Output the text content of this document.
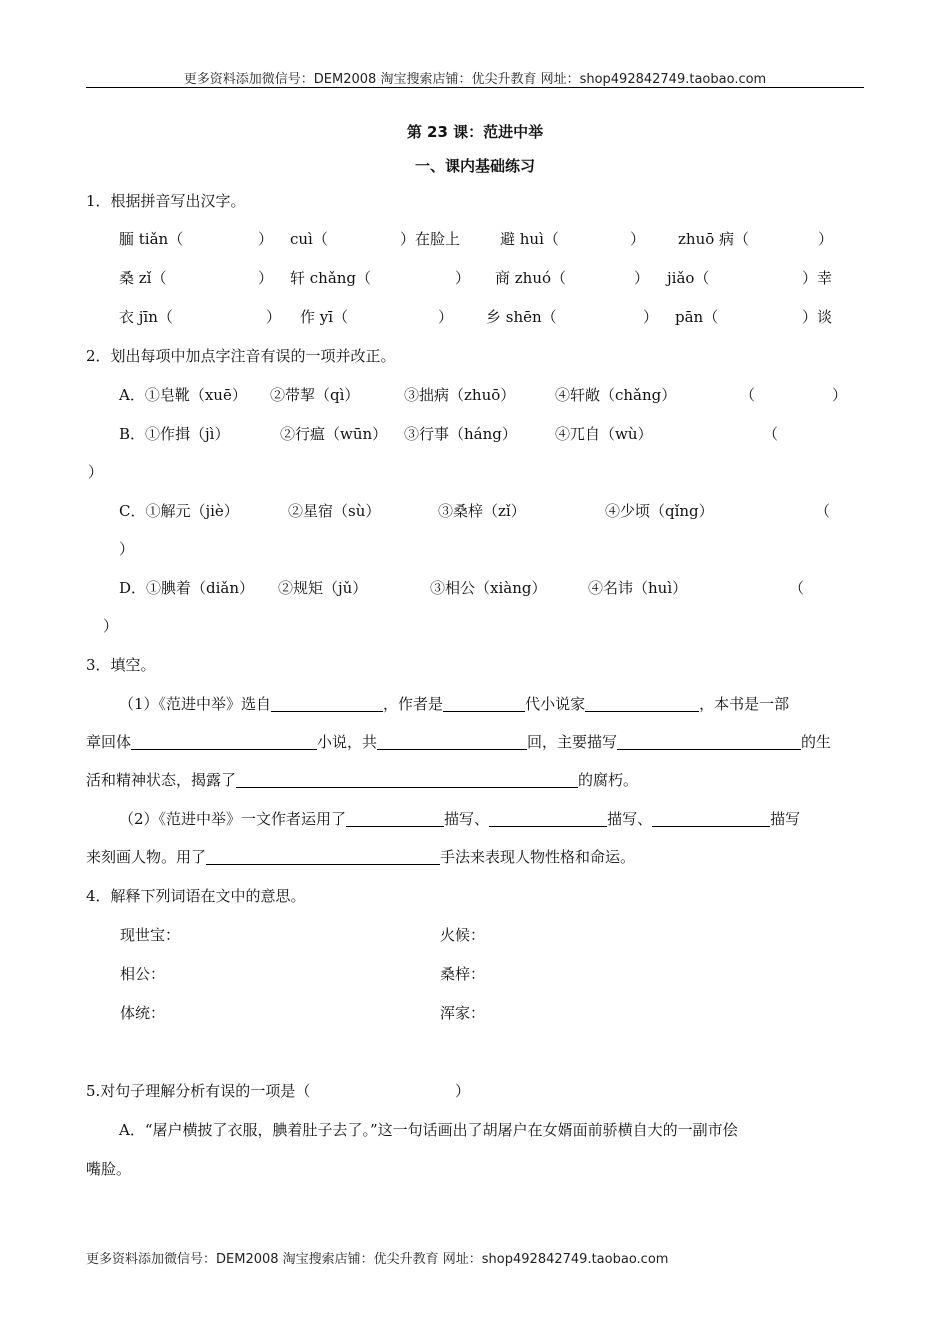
更多资料添加微信号：DEM2008 淘宝搜索店铺：优尖升教育 网址：shop492842749.taobao.com
第 23 课：范进中举
一、课内基础练习
1．根据拼音写出汉字。
腼 tiǎn（	） cuì（	）在脸上	避 huì（	） zhuō 病（	）
桑 zǐ（	） 轩 chǎng（	） 商 zhuó（	） jiǎo（	）幸
衣 jīn（	） 作 yī（	） 乡 shēn（	） pān（	）谈
2．划出每项中加点字注音有误的一项并改正。
A．①皂靴（xuē） ②带挈（qì）	③拙病（zhuō）	④轩敞（chǎng）	（	）
B．①作揖（jì）	②行瘟（wūn） ③行事（háng）	④兀自（wù）	（
）
C．①解元（jiè）	②星宿（sù）	③桑梓（zǐ）	④少顷（qǐng）	（
）
D．①腆着（diǎn） ②规矩（jǔ）	③相公（xiàng）	④名讳（huì）	（
）
3．填空。
（1）《范进中举》选自	，作者是	代小说家	，本书是一部
章回体	小说，共	回，主要描写	的生
活和精神状态，揭露了	的腐朽。
（2）《范进中举》一文作者运用了	描写、	描写、	描写
来刻画人物。用了	手法来表现人物性格和命运。
4．解释下列词语在文中的意思。
现世宝：	火候：
相公：	桑梓：
体统：	浑家：
5.对句子理解分析有误的一项是（	）
A．“屠户横披了衣服，腆着肚子去了。”这一句话画出了胡屠户在女婿面前骄横自大的一副市侩
嘴脸。
更多资料添加微信号：DEM2008 淘宝搜索店铺：优尖升教育 网址：shop492842749.taobao.com
